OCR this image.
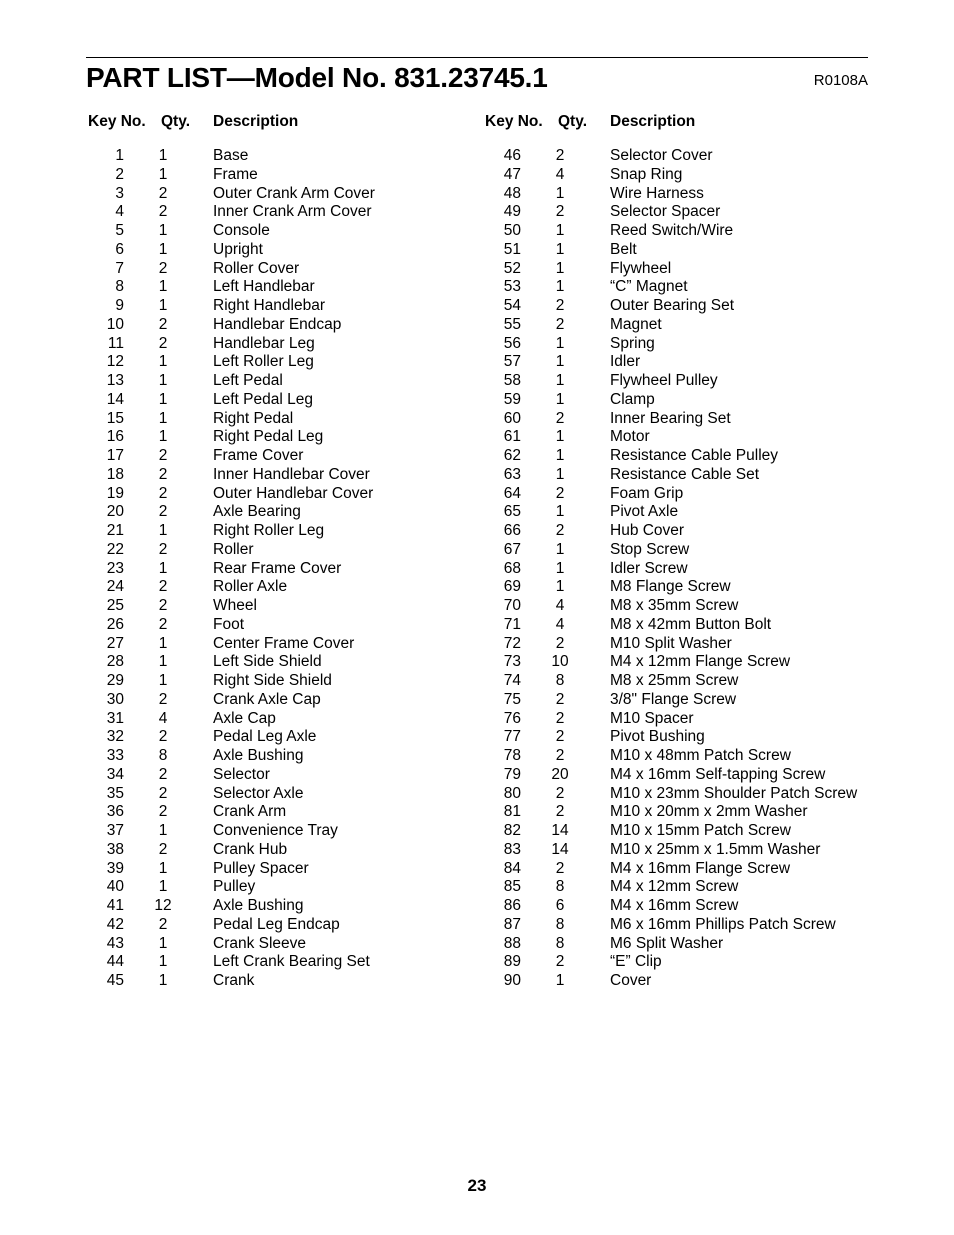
PART LIST—Model No. 831.23745.1	R0108A
Key No. Qty. Description
1	1	Base
2	1	Frame
3	2	Outer Crank Arm Cover
4	2	Inner Crank Arm Cover
5	1	Console
6	1	Upright
7	2	Roller Cover
8	1	Left Handlebar
9	1	Right Handlebar
10	2	Handlebar Endcap
11	2	Handlebar Leg
12	1	Left Roller Leg
13	1	Left Pedal
14	1	Left Pedal Leg
15	1	Right Pedal
16	1	Right Pedal Leg
17	2	Frame Cover
18	2	Inner Handlebar Cover
19	2	Outer Handlebar Cover
20	2	Axle Bearing
21	1	Right Roller Leg
22	2	Roller
23	1	Rear Frame Cover
24	2	Roller Axle
25	2	Wheel
26	2	Foot
27	1	Center Frame Cover
28	1	Left Side Shield
29	1	Right Side Shield
30	2	Crank Axle Cap
31	4	Axle Cap
32	2	Pedal Leg Axle
33	8	Axle Bushing
34	2	Selector
35	2	Selector Axle
36	2	Crank Arm
37	1	Convenience Tray
38	2	Crank Hub
39	1	Pulley Spacer
40	1	Pulley
41	12	Axle Bushing
42	2	Pedal Leg Endcap
43	1	Crank Sleeve
44	1	Left Crank Bearing Set
45	1	Crank
Key No. Qty. Description
46	2	Selector Cover
47	4	Snap Ring
48	1	Wire Harness
49	2	Selector Spacer
50	1	Reed Switch/Wire
51	1	Belt
52	1	Flywheel
53	1	“C” Magnet
54	2	Outer Bearing Set
55	2	Magnet
56	1	Spring
57	1	Idler
58	1	Flywheel Pulley
59	1	Clamp
60	2	Inner Bearing Set
61	1	Motor
62	1	Resistance Cable Pulley
63	1	Resistance Cable Set
64	2	Foam Grip
65	1	Pivot Axle
66	2	Hub Cover
67	1	Stop Screw
68	1	Idler Screw
69	1	M8 Flange Screw
70	4	M8 x 35mm Screw
71	4	M8 x 42mm Button Bolt
72	2	M10 Split Washer
73	10	M4 x 12mm Flange Screw
74	8	M8 x 25mm Screw
75	2	3/8" Flange Screw
76	2	M10 Spacer
77	2	Pivot Bushing
78	2	M10 x 48mm Patch Screw
79	20	M4 x 16mm Self-tapping Screw
80	2	M10 x 23mm Shoulder Patch Screw
81	2	M10 x 20mm x 2mm Washer
82	14	M10 x 15mm Patch Screw
83	14	M10 x 25mm x 1.5mm Washer
84	2	M4 x 16mm Flange Screw
85	8	M4 x 12mm Screw
86	6	M4 x 16mm Screw
87	8	M6 x 16mm Phillips Patch Screw
88	8	M6 Split Washer
89	2	“E” Clip
90	1	Cover
23
